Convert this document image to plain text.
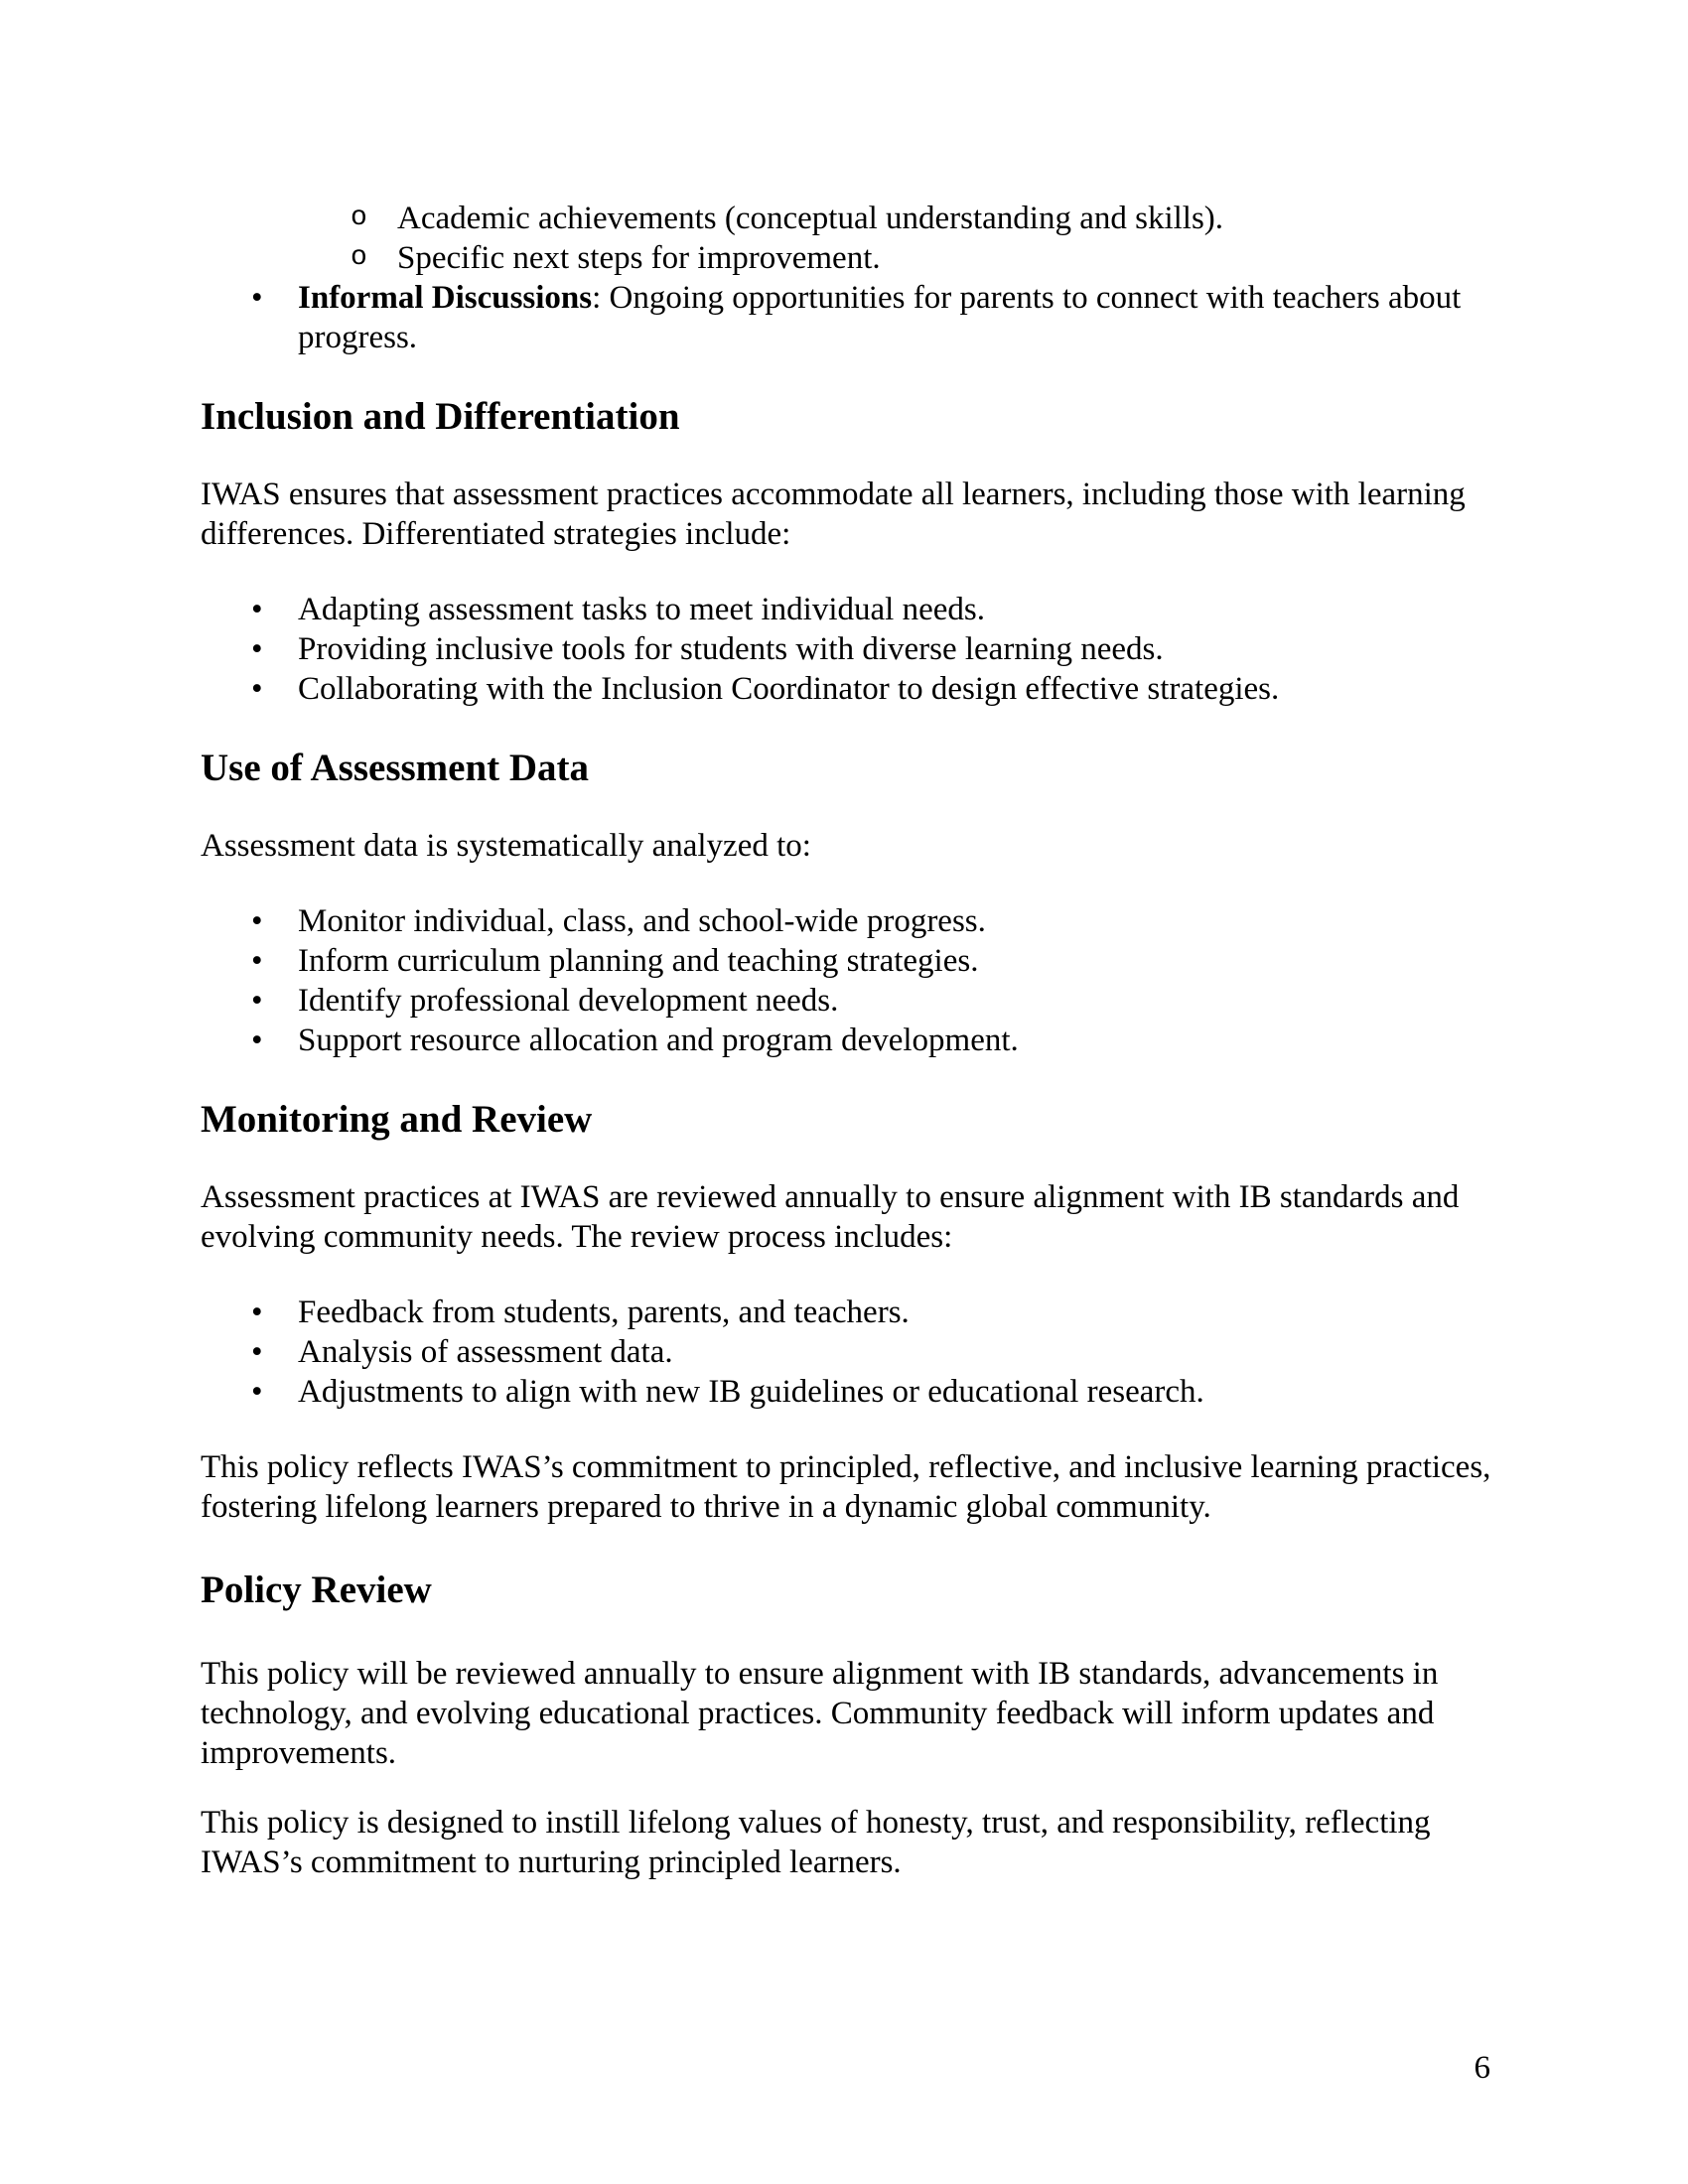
o Academic achievements (conceptual understanding and skills).
o Specific next steps for improvement.
• Informal Discussions: Ongoing opportunities for parents to connect with teachers about progress.
Inclusion and Differentiation

IWAS ensures that assessment practices accommodate all learners, including those with learning differences. Differentiated strategies include:

• Adapting assessment tasks to meet individual needs.
• Providing inclusive tools for students with diverse learning needs.
• Collaborating with the Inclusion Coordinator to design effective strategies.
Use of Assessment Data

Assessment data is systematically analyzed to:

• Monitor individual, class, and school-wide progress.
• Inform curriculum planning and teaching strategies.
• Identify professional development needs.
• Support resource allocation and program development.
Monitoring and Review

Assessment practices at IWAS are reviewed annually to ensure alignment with IB standards and evolving community needs. The review process includes:

• Feedback from students, parents, and teachers.
• Analysis of assessment data.
• Adjustments to align with new IB guidelines or educational research.

This policy reflects IWAS’s commitment to principled, reflective, and inclusive learning practices, fostering lifelong learners prepared to thrive in a dynamic global community.

Policy Review

This policy will be reviewed annually to ensure alignment with IB standards, advancements in technology, and evolving educational practices. Community feedback will inform updates and improvements.

This policy is designed to instill lifelong values of honesty, trust, and responsibility, reflecting IWAS’s commitment to nurturing principled learners.

6
